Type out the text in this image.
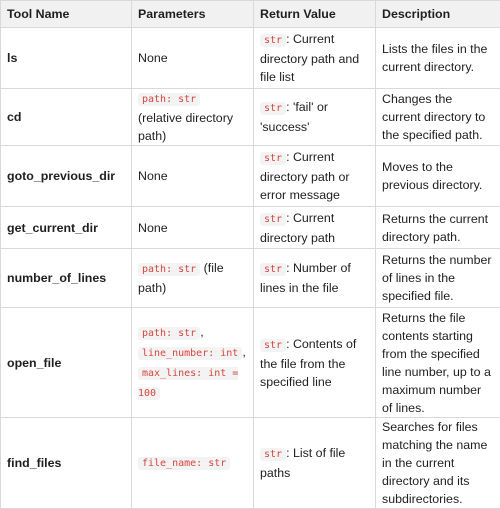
Tool Name	Parameters	Return Value	Description
ls	None	str : Current directory path and file list	Lists the files in the current directory.
cd	path: str (relative directory path)	str : 'fail' or 'success'	Changes the current directory to the specified path.
goto_previous_dir	None	str : Current directory path or error message	Moves to the previous directory.
get_current_dir	None	str : Current directory path	Returns the current directory path.
number_of_lines	path: str (file path)	str : Number of lines in the file	Returns the number of lines in the specified file.
open_file	path: str , line_number: int , max_lines: int = 100	str : Contents of the file from the specified line	Returns the file contents starting from the specified line number, up to a maximum number of lines.
find_files	file_name: str	str : List of file paths	Searches for files matching the name in the current directory and its subdirectories.
